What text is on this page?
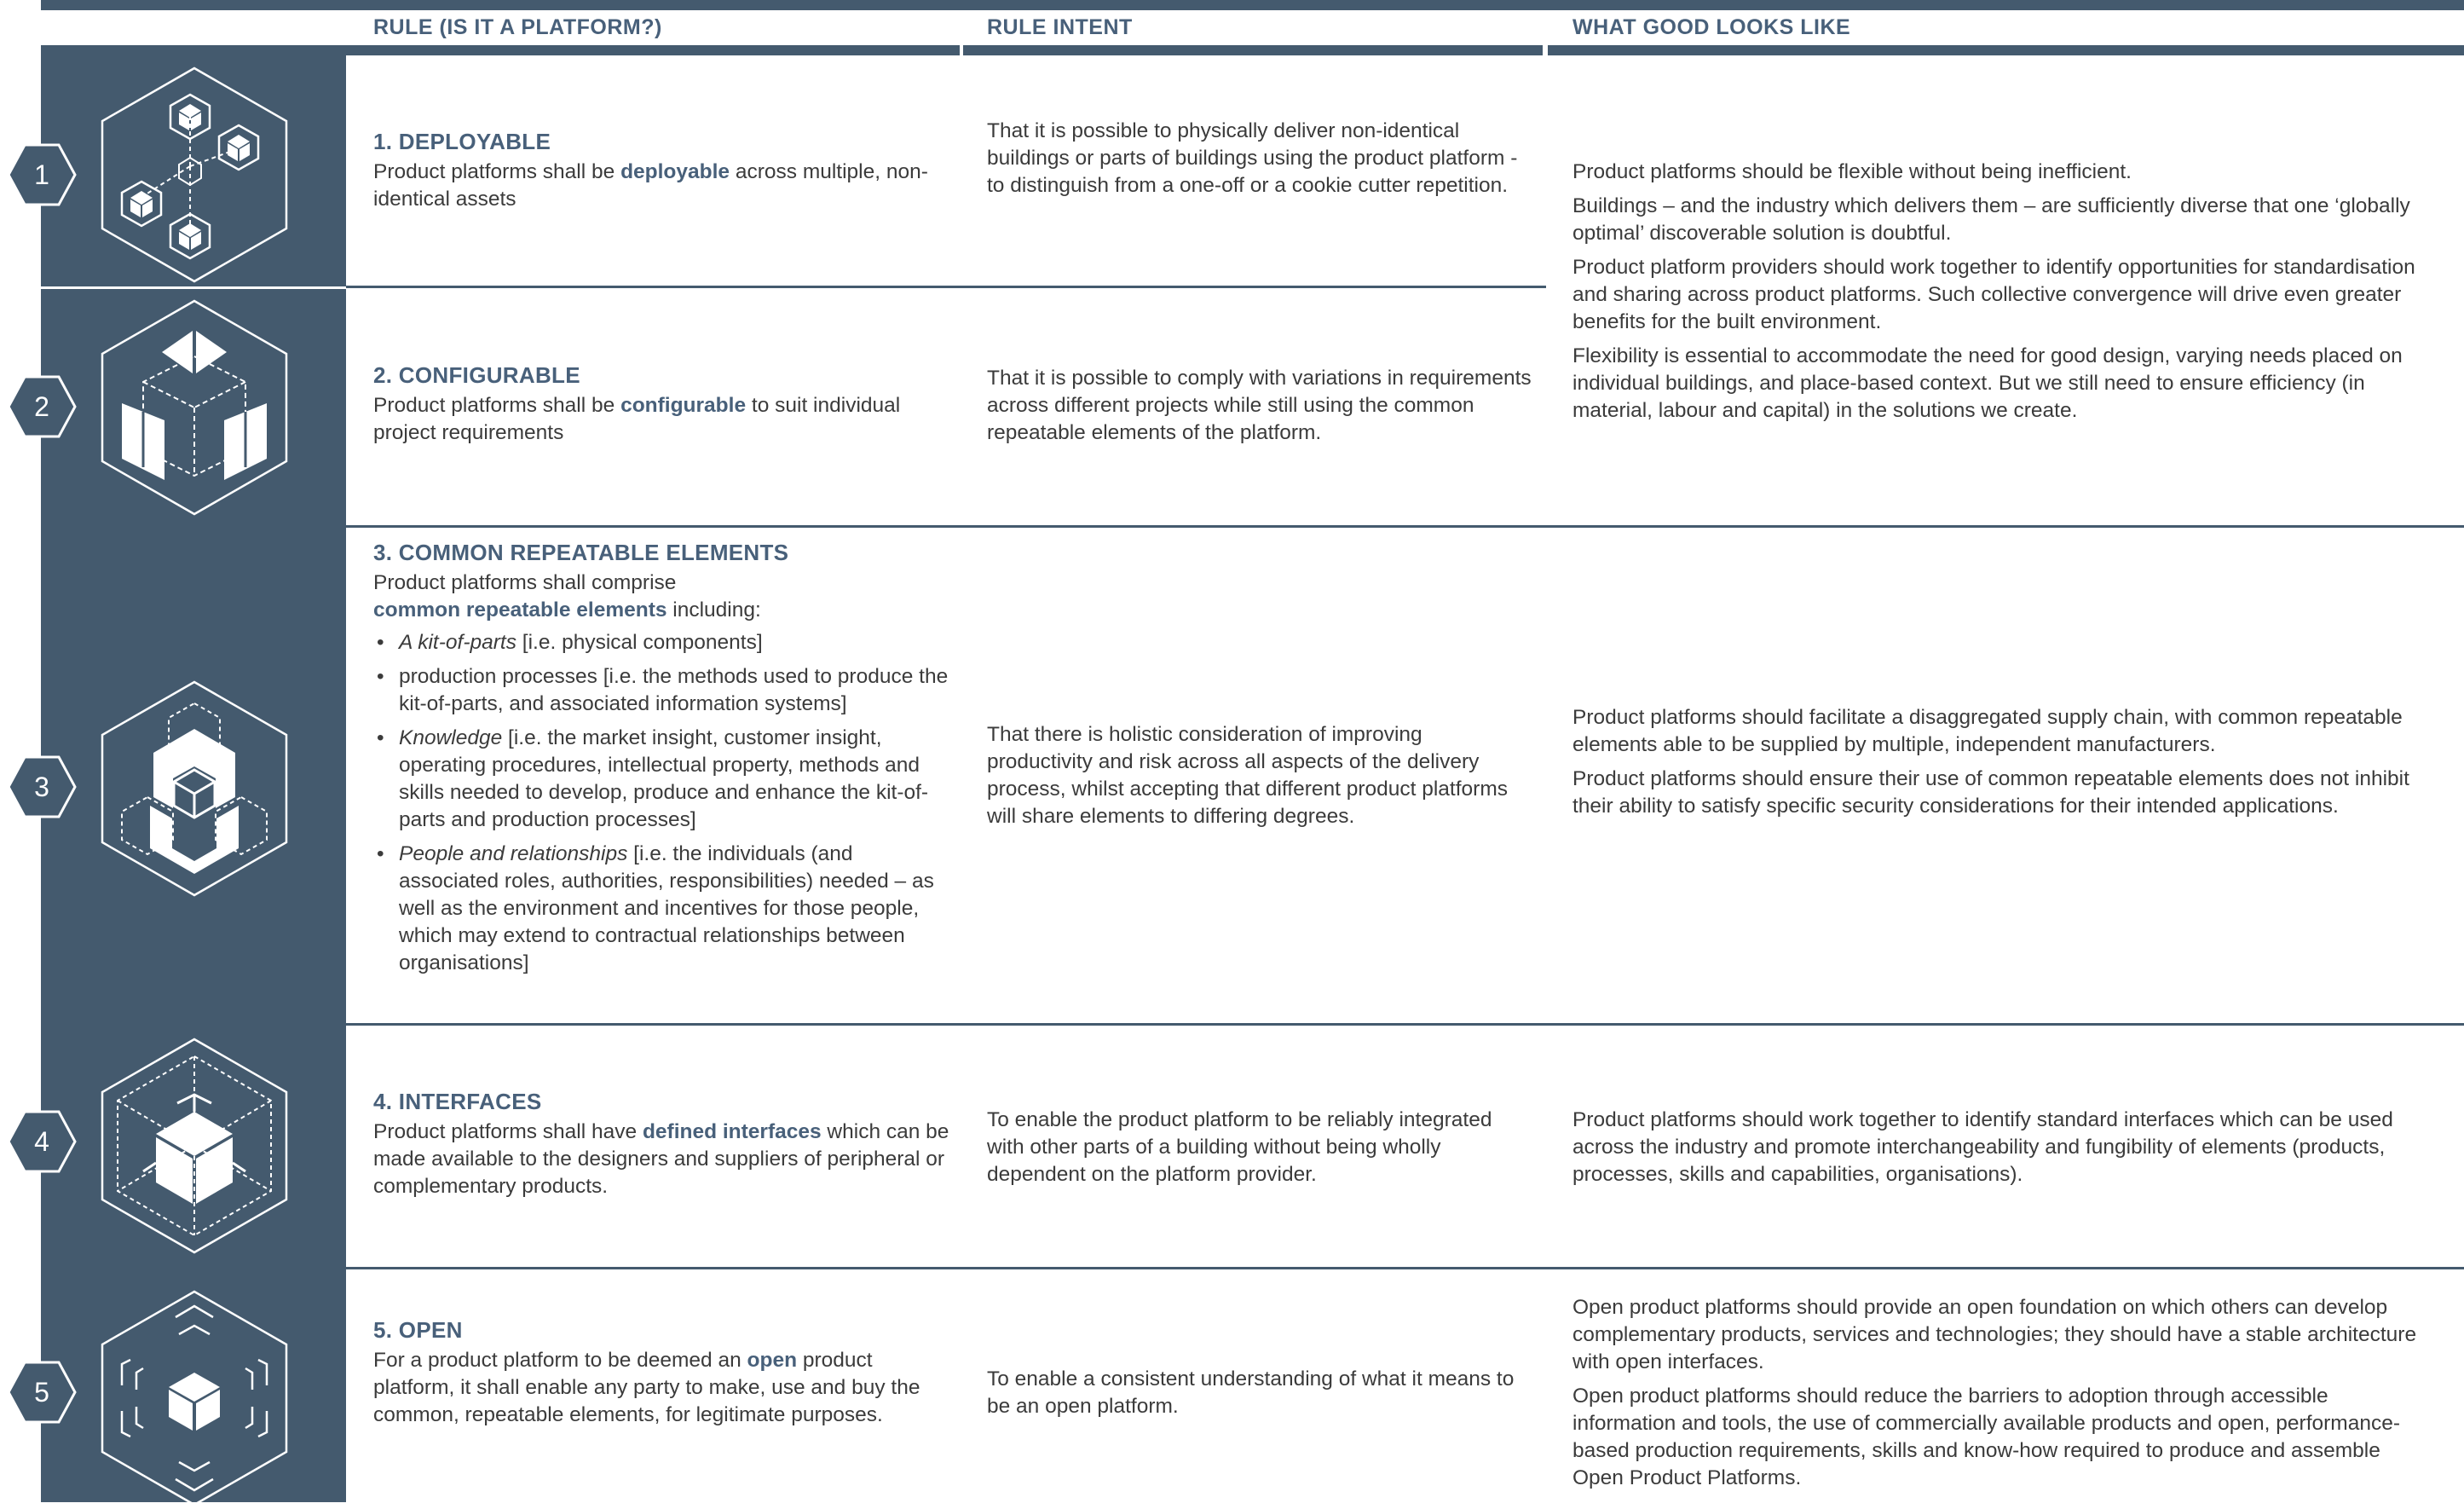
RULE (IS IT A PLATFORM?)	RULE INTENT	WHAT GOOD LOOKS LIKE
1
1. DEPLOYABLE
Product platforms shall be deployable across multiple, non-identical assets
That it is possible to physically deliver non-identical buildings or parts of buildings using the product platform - to distinguish from a one-off or a cookie cutter repetition.

Product platforms should be flexible without being inefficient.

Buildings – and the industry which delivers them – are sufficiently diverse that one ‘globally optimal’ discoverable solution is doubtful.

Product platform providers should work together to identify opportunities for standardisation and sharing across product platforms. Such collective convergence will drive even greater benefits for the built environment.

Flexibility is essential to accommodate the need for good design, varying needs placed on individual buildings, and place-based context. But we still need to ensure efficiency (in material, labour and capital) in the solutions we create.

2
2. CONFIGURABLE
Product platforms shall be configurable to suit individual project requirements
That it is possible to comply with variations in requirements across different projects while still using the common repeatable elements of the platform.
3
3. COMMON REPEATABLE ELEMENTS
Product platforms shall comprise
common repeatable elements including:
• A kit-of-parts [i.e. physical components]
• production processes [i.e. the methods used to produce the kit-of-parts, and associated information systems]
• Knowledge [i.e. the market insight, customer insight, operating procedures, intellectual property, methods and skills needed to develop, produce and enhance the kit-of-parts and production processes]
• People and relationships [i.e. the individuals (and associated roles, authorities, responsibilities) needed – as well as the environment and incentives for those people, which may extend to contractual relationships between organisations]
That there is holistic consideration of improving productivity and risk across all aspects of the delivery process, whilst accepting that different product platforms will share elements to differing degrees.

Product platforms should facilitate a disaggregated supply chain, with common repeatable elements able to be supplied by multiple, independent manufacturers.

Product platforms should ensure their use of common repeatable elements does not inhibit their ability to satisfy specific security considerations for their intended applications.

4
4. INTERFACES
Product platforms shall have defined interfaces which can be made available to the designers and suppliers of peripheral or complementary products.
To enable the product platform to be reliably integrated with other parts of a building without being wholly dependent on the platform provider.

Product platforms should work together to identify standard interfaces which can be used across the industry and promote interchangeability and fungibility of elements (products, processes, skills and capabilities, organisations).

5
5. OPEN
For a product platform to be deemed an open product platform, it shall enable any party to make, use and buy the common, repeatable elements, for legitimate purposes.
To enable a consistent understanding of what it means to be an open platform.

Open product platforms should provide an open foundation on which others can develop complementary products, services and technologies; they should have a stable architecture with open interfaces.

Open product platforms should reduce the barriers to adoption through accessible information and tools, the use of commercially available products and open, performance-based production requirements, skills and know-how required to produce and assemble Open Product Platforms.
